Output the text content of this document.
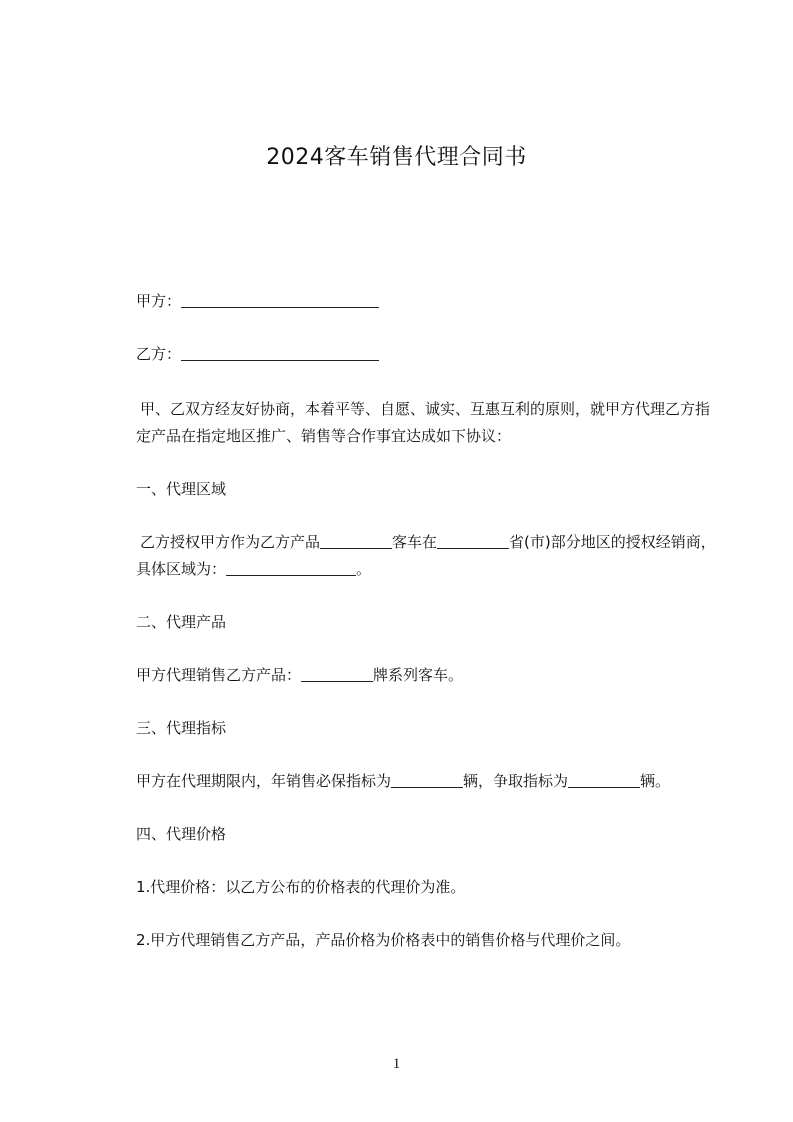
2024客车销售代理合同书
甲方：
乙方：
甲、乙双方经友好协商，本着平等、自愿、诚实、互惠互利的原则，就甲方代理乙方指定产品在指定地区推广、销售等合作事宜达成如下协议：
一、代理区域
乙方授权甲方作为乙方产品	客车在	省(市)部分地区的授权经销商，具体区域为：	。
二、代理产品
甲方代理销售乙方产品：	牌系列客车。
三、代理指标
甲方在代理期限内，年销售必保指标为	辆，争取指标为	辆。
四、代理价格
1.代理价格：以乙方公布的价格表的代理价为准。
2.甲方代理销售乙方产品，产品价格为价格表中的销售价格与代理价之间。
1
